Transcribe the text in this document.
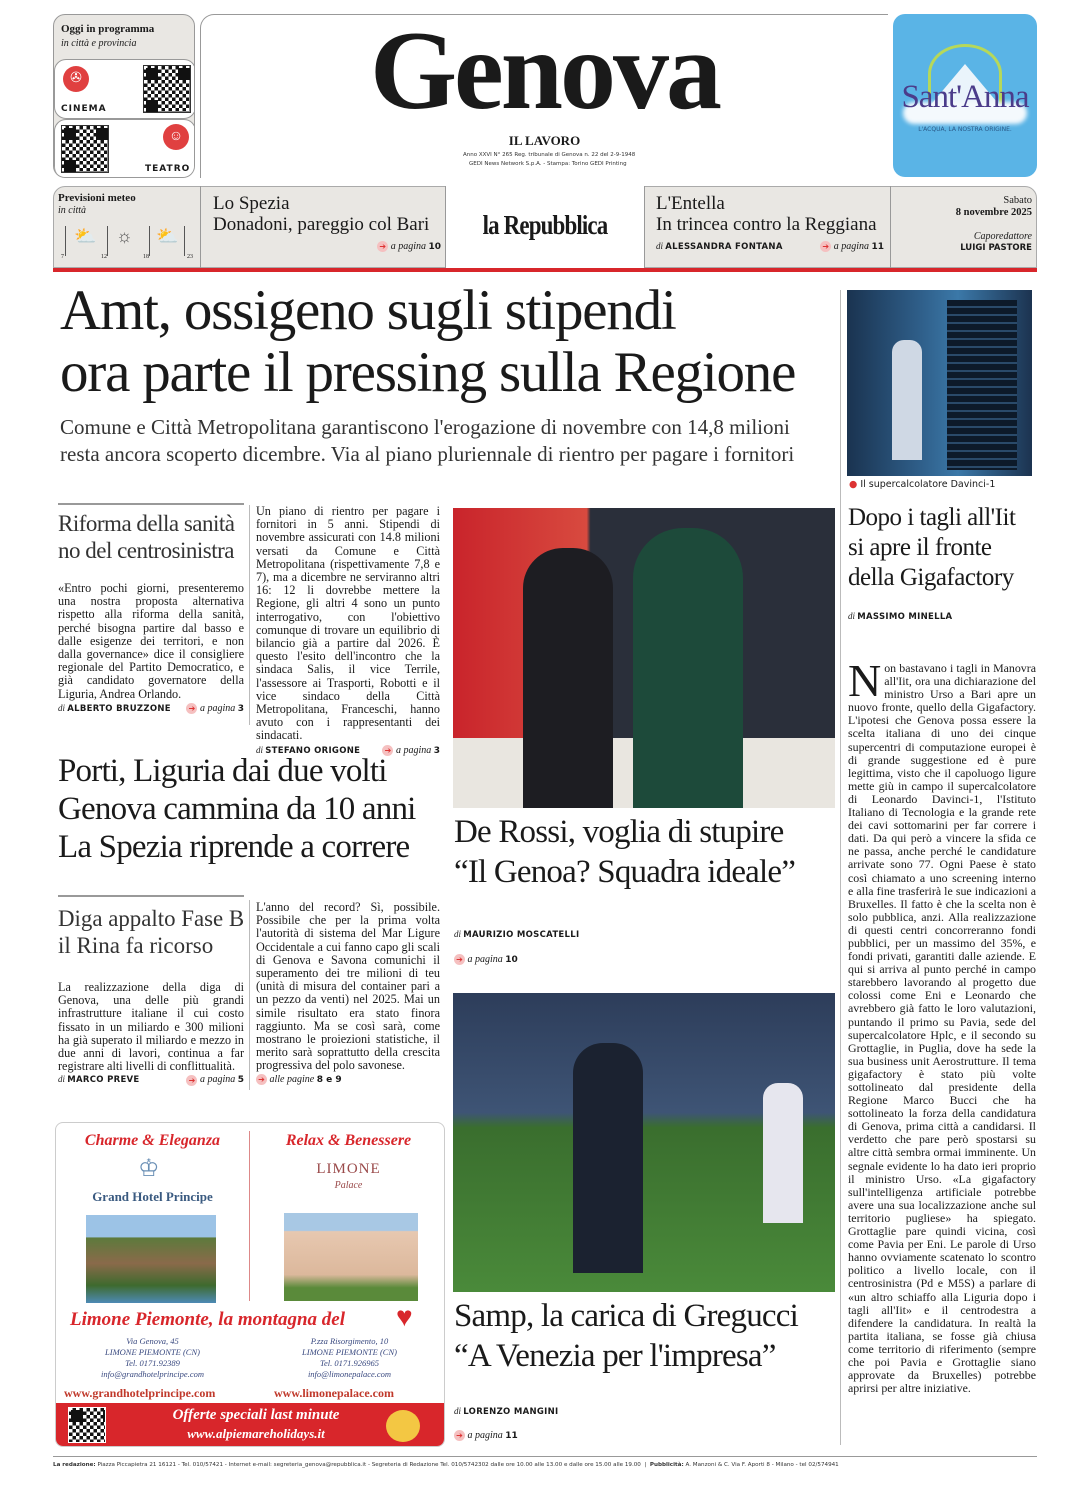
Oggi in programma
in città e provincia
✇
CINEMA
☺
TEATRO
Genova
IL LAVORO
Anno XXVI N° 265 Reg. tribunale di Genova n. 22 del 2-9-1948
GEDI News Network S.p.A. - Stampa: Torino GEDI Printing
Sant'Anna
L'ACQUA, LA NOSTRA ORIGINE.
Previsioni meteo
in città
7
⛅
12
☼
18
⛅
23
Lo Spezia
Donadoni, pareggio col Bari
➔ a pagina 10
la Repubblica
L'Entella
In trincea contro la Reggiana
di ALESSANDRA FONTANA	➔ a pagina 11
Sabato
8 novembre 2025
Caporedattore
LUIGI PASTORE
Amt, ossigeno sugli stipendi
ora parte il pressing sulla Regione
Comune e Città Metropolitana garantiscono l'erogazione di novembre con 14,8 milioni
resta ancora scoperto dicembre. Via al piano pluriennale di rientro per pagare i fornitori
Riforma della sanità
no del centrosinistra
«Entro pochi giorni, presenteremo una nostra proposta alternativa rispetto alla riforma della sanità, perché bisogna partire dal basso e dalle esigenze dei territori, e non dalla governance» dice il consigliere regionale del Partito Democratico, e già candidato governatore della Liguria, Andrea Orlando.
di ALBERTO BRUZZONE ➔ a pagina 3
Un piano di rientro per pagare i fornitori in 5 anni. Stipendi di novembre assicurati con 14.8 milioni versati da Comune e Città Metropolitana (rispettivamente 7,8 e 7), ma a dicembre ne serviranno altri 16: 12 li dovrebbe mettere la Regione, gli altri 4 sono un punto interrogativo, con l'obiettivo comunque di trovare un equilibrio di bilancio già a partire dal 2026. È questo l'esito dell'incontro che la sindaca Salis, il vice Terrile, l'assessore ai Trasporti, Robotti e il vice sindaco della Città Metropolitana, Franceschi, hanno avuto con i rappresentanti dei sindacati.
di STEFANO ORIGONE	➔ a pagina 3
Porti, Liguria dai due volti
Genova cammina da 10 anni
La Spezia riprende a correre
Diga appalto Fase B
il Rina fa ricorso
La realizzazione della diga di Genova, una delle più grandi infrastrutture italiane il cui costo fissato in un miliardo e 300 milioni ha già superato il miliardo e mezzo in due anni di lavori, continua a far registrare alti livelli di conflittualità.
di MARCO PREVE	➔ a pagina 5
L'anno del record? Sì, possibile. Possibile che per la prima volta l'autorità di sistema del Mar Ligure Occidentale a cui fanno capo gli scali di Genova e Savona comunichi il superamento dei tre milioni di teu (unità di misura del container pari a un pezzo da venti) nel 2025. Mai un simile risultato era stato finora raggiunto. Ma se così sarà, come mostrano le proiezioni statistiche, il merito sarà soprattutto della crescita progressiva del polo savonese.
➔ alle pagine 8 e 9
Charme & Eleganza
♔
Grand Hotel Principe
Relax & Benessere
LIMONE
Palace
Limone Piemonte, la montagna del	♥
Via Genova, 45
LIMONE PIEMONTE (CN)
Tel. 0171.92389
info@grandhotelprincipe.com
P.zza Risorgimento, 10
LIMONE PIEMONTE (CN)
Tel. 0171.926965
info@limonepalace.com
www.grandhotelprincipe.com	www.limonepalace.com
Offerte speciali last minute
www.alpiemareholidays.it
De Rossi, voglia di stupire
“Il Genoa? Squadra ideale”
di MAURIZIO MOSCATELLI
➔ a pagina 10
Samp, la carica di Gregucci
“A Venezia per l'impresa”
di LORENZO MANGINI
➔ a pagina 11
● Il supercalcolatore Davinci-1
Dopo i tagli all'Iit
si apre il fronte
della Gigafactory
di MASSIMO MINELLA
Non bastavano i tagli in Manovra all'Iit, ora una dichiarazione del ministro Urso a Bari apre un nuovo fronte, quello della Gigafactory. L'ipotesi che Genova possa essere la scelta italiana di uno dei cinque supercentri di computazione europei è di grande suggestione ed è pure legittima, visto che il capoluogo ligure mette giù in campo il supercalcolatore di Leonardo Davinci-1, l'Istituto Italiano di Tecnologia e la grande rete dei cavi sottomarini per far correre i dati. Da qui però a vincere la sfida ce ne passa, anche perché le candidature arrivate sono 77. Ogni Paese è stato così chiamato a uno screening interno e alla fine trasferirà le sue indicazioni a Bruxelles. Il fatto è che la scelta non è solo pubblica, anzi. Alla realizzazione di questi centri concorreranno fondi pubblici, per un massimo del 35%, e fondi privati, garantiti dalle aziende. E qui si arriva al punto perché in campo starebbero lavorando al progetto due colossi come Eni e Leonardo che avrebbero già fatto le loro valutazioni, puntando il primo su Pavia, sede del supercalcolatore Hplc, e il secondo su Grottaglie, in Puglia, dove ha sede la sua business unit Aerostrutture. Il tema gigafactory è stato più volte sottolineato dal presidente della Regione Marco Bucci che ha sottolineato la forza della candidatura di Genova, prima città a candidarsi. Il verdetto che pare però spostarsi su altre città sembra ormai imminente. Un segnale evidente lo ha dato ieri proprio il ministro Urso. «La gigafactory sull'intelligenza artificiale potrebbe avere una sua localizzazione anche sul territorio pugliese» ha spiegato. Grottaglie pare quindi vicina, così come Pavia per Eni. Le parole di Urso hanno ovviamente scatenato lo scontro politico a livello locale, con il centrosinistra (Pd e M5S) a parlare di «un altro schiaffo alla Liguria dopo i tagli all'Iit» e il centrodestra a difendere la candidatura. In realtà la partita italiana, se fosse già chiusa come territorio di riferimento (sempre che poi Pavia e Grottaglie siano approvate da Bruxelles) potrebbe aprirsi per altre iniziative.
La redazione: Piazza Piccapietra 21 16121 - Tel. 010/57421 - Internet e-mail: segreteria_genova@repubblica.it - Segreteria di Redazione Tel. 010/5742302 dalle ore 10.00 alle 13.00 e dalle ore 15.00 alle 19.00  |  Pubblicità: A. Manzoni & C. Via F. Aporti 8 - Milano - tel 02/574941
